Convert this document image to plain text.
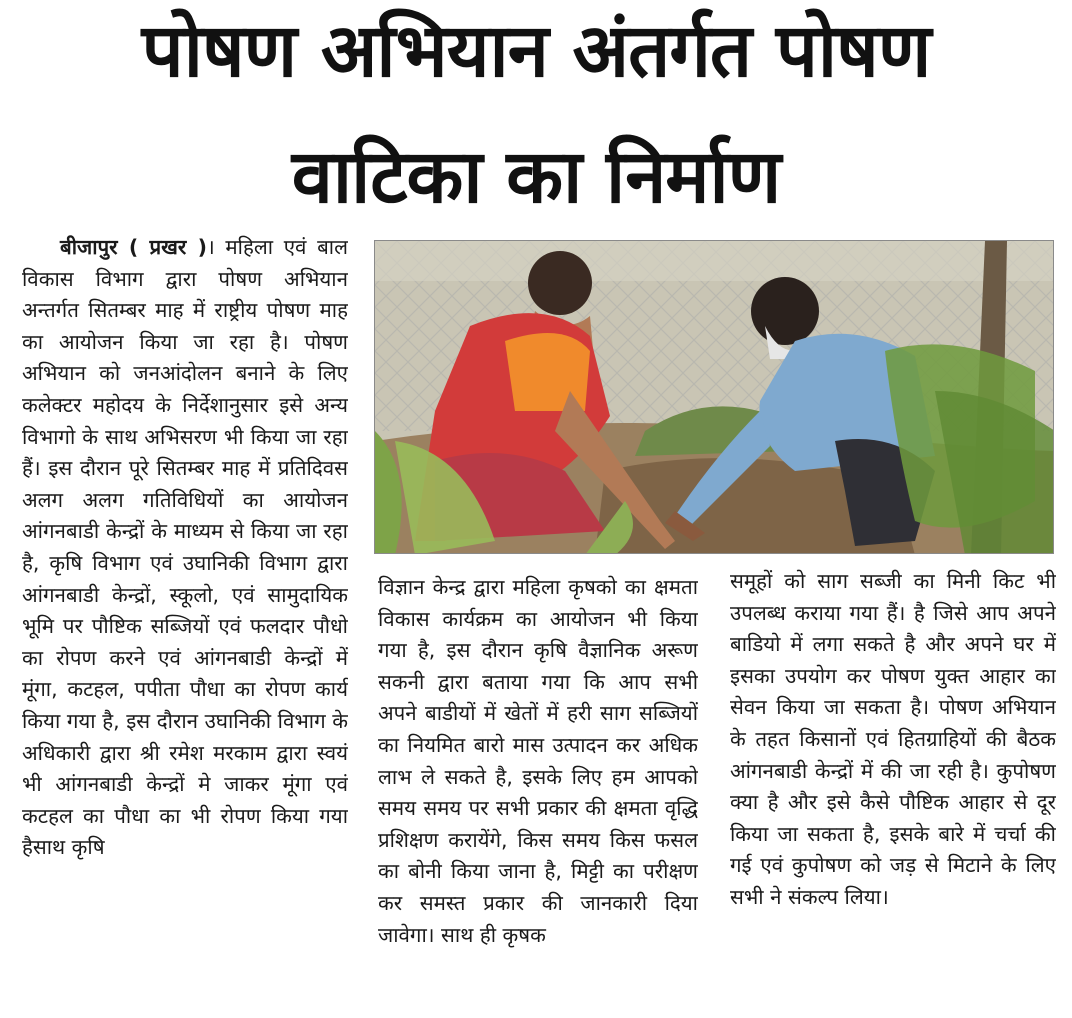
पोषण अभियान अंतर्गत पोषण
वाटिका का निर्माण

बीजापुर ( प्रखर )। महिला एवं बाल विकास विभाग द्वारा पोषण अभियान अन्तर्गत सितम्बर माह में राष्ट्रीय पोषण माह का आयोजन किया जा रहा है। पोषण अभियान को जनआंदोलन बनाने के लिए कलेक्टर महोदय के निर्देशानुसार इसे अन्य विभागो के साथ अभिसरण भी किया जा रहा हैं। इस दौरान पूरे सितम्बर माह में प्रतिदिवस अलग अलग गतिविधियों का आयोजन आंगनबाडी केन्द्रों के माध्यम से किया जा रहा है, कृषि विभाग एवं उघानिकी विभाग द्वारा आंगनबाडी केन्द्रों, स्कूलो, एवं सामुदायिक भूमि पर पौष्टिक सब्जियों एवं फलदार पौधो का रोपण करने एवं आंगनबाडी केन्द्रों में मूंगा, कटहल, पपीता पौधा का रोपण कार्य किया गया है, इस दौरान उघानिकी विभाग के अधिकारी द्वारा श्री रमेश मरकाम द्वारा स्वयं भी आंगनबाडी केन्द्रों मे जाकर मूंगा एवं कटहल का पौधा का भी रोपण किया गया हैसाथ कृषि

विज्ञान केन्द्र द्वारा महिला कृषको का क्षमता विकास कार्यक्रम का आयोजन भी किया गया है, इस दौरान कृषि वैज्ञानिक अरूण सकनी द्वारा बताया गया कि आप सभी अपने बाडीयों में खेतों में हरी साग सब्जियों का नियमित बारो मास उत्पादन कर अधिक लाभ ले सकते है, इसके लिए हम आपको समय समय पर सभी प्रकार की क्षमता वृद्धि प्रशिक्षण करायेंगे, किस समय किस फसल का बोनी किया जाना है, मिट्टी का परीक्षण कर समस्त प्रकार की जानकारी दिया जावेगा। साथ ही कृषक

समूहों को साग सब्जी का मिनी किट भी उपलब्ध कराया गया हैं। है जिसे आप अपने बाडियो में लगा सकते है और अपने घर में इसका उपयोग कर पोषण युक्त आहार का सेवन किया जा सकता है। पोषण अभियान के तहत किसानों एवं हितग्राहियों की बैठक आंगनबाडी केन्द्रों में की जा रही है। कुपोषण क्या है और इसे कैसे पौष्टिक आहार से दूर किया जा सकता है, इसके बारे में चर्चा की गई एवं कुपोषण को जड़ से मिटाने के लिए सभी ने संकल्प लिया।
